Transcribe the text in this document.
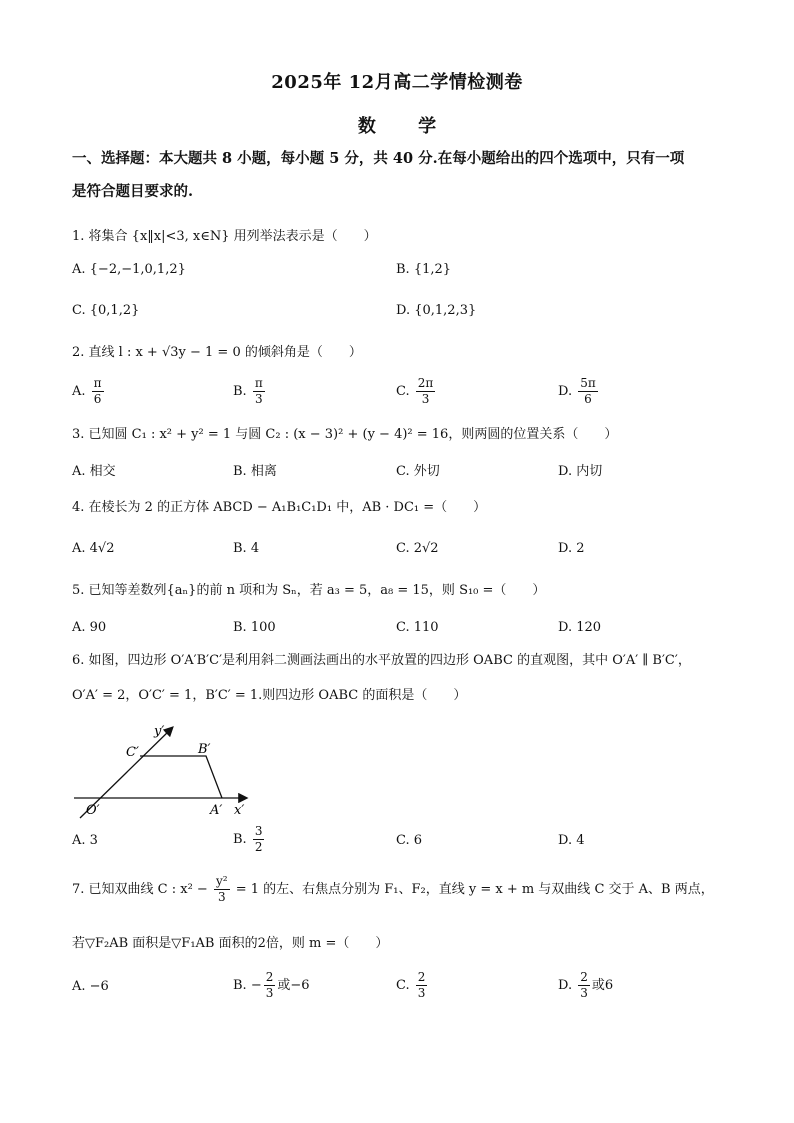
2025年 12月高二学情检测卷
数 学
一、选择题：本大题共 8 小题，每小题 5 分，共 40 分.在每小题给出的四个选项中，只有一项
是符合题目要求的.
1. 将集合 {x‖x|<3, x∈N} 用列举法表示是（　　）
A. {−2,−1,0,1,2}	B. {1,2}
C. {0,1,2}	D. {0,1,2,3}
2. 直线 l : x + √3y − 1 = 0 的倾斜角是（　　）
A. $\frac{\pi}{6}$	B. $\frac{\pi}{3}$	C. $\frac{2\pi}{3}$	D. $\frac{5\pi}{6}$
3. 已知圆 C₁ : x² + y² = 1 与圆 C₂ : (x − 3)² + (y − 4)² = 16，则两圆的位置关系（　　）
A. 相交	B. 相离	C. 外切	D. 内切
4. 在棱长为 2 的正方体 ABCD − A₁B₁C₁D₁ 中，AB · DC₁ =（　　）
A. 4√2	B. 4	C. 2√2	D. 2
5. 已知等差数列{aₙ}的前 n 项和为 Sₙ，若 a₃ = 5，a₈ = 15，则 S₁₀ =（　　）
A. 90	B. 100	C. 110	D. 120
6. 如图，四边形 O′A′B′C′是利用斜二测画法画出的水平放置的四边形 OABC 的直观图，其中 O′A′ ∥ B′C′，
O′A′ = 2，O′C′ = 1，B′C′ = 1.则四边形 OABC 的面积是（　　）
y′
C′	B′
O′	A′ x′
A. 3	B. $\frac{3}{2}$	C. 6	D. 4
7. 已知双曲线 C : $x^2 - \frac{\text{y²}}{3} = 1$ 的左、右焦点分别为 F₁、F₂，直线 y = x + m 与双曲线 C 交于 A、B 两点，
若▽F₂AB 面积是▽F₁AB 面积的2倍，则 m =（　　）
A. −6	B. − $\frac{2}{3}$ 或−6	C. $\frac{2}{3}$	D. $\frac{2}{3}$ 或6
